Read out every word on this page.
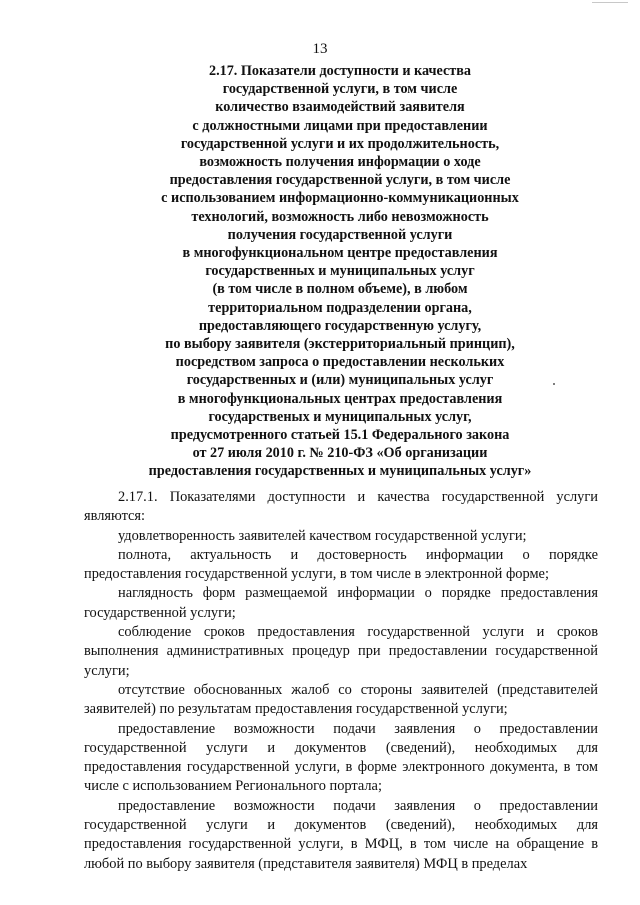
13
2.17. Показатели доступности и качества
государственной услуги, в том числе
количество взаимодействий заявителя
с должностными лицами при предоставлении
государственной услуги и их продолжительность,
возможность получения информации о ходе
предоставления государственной услуги, в том числе
с использованием информационно-коммуникационных
технологий, возможность либо невозможность
получения государственной услуги
в многофункциональном центре предоставления
государственных и муниципальных услуг
(в том числе в полном объеме), в любом
территориальном подразделении органа,
предоставляющего государственную услугу,
по выбору заявителя (экстерриториальный принцип),
посредством запроса о предоставлении нескольких
государственных и (или) муниципальных услуг
в многофункциональных центрах предоставления
государственых и муниципальных услуг,
предусмотренного статьей 15.1 Федерального закона
от 27 июля 2010 г. № 210-ФЗ «Об организации
предоставления государственных и муниципальных услуг»

2.17.1. Показателями доступности и качества государственной услуги являются:

удовлетворенность заявителей качеством государственной услуги;

полнота, актуальность и достоверность информации о порядке предоставления государственной услуги, в том числе в электронной форме;

наглядность форм размещаемой информации о порядке предоставления государственной услуги;

соблюдение сроков предоставления государственной услуги и сроков выполнения административных процедур при предоставлении государственной услуги;

отсутствие обоснованных жалоб со стороны заявителей (представителей заявителей) по результатам предоставления государственной услуги;

предоставление возможности подачи заявления о предоставлении государственной услуги и документов (сведений), необходимых для предоставления государственной услуги, в форме электронного документа, в том числе с использованием Регионального портала;

предоставление возможности подачи заявления о предоставлении государственной услуги и документов (сведений), необходимых для предоставления государственной услуги, в МФЦ, в том числе на обращение в любой по выбору заявителя (представителя заявителя) МФЦ в пределах
